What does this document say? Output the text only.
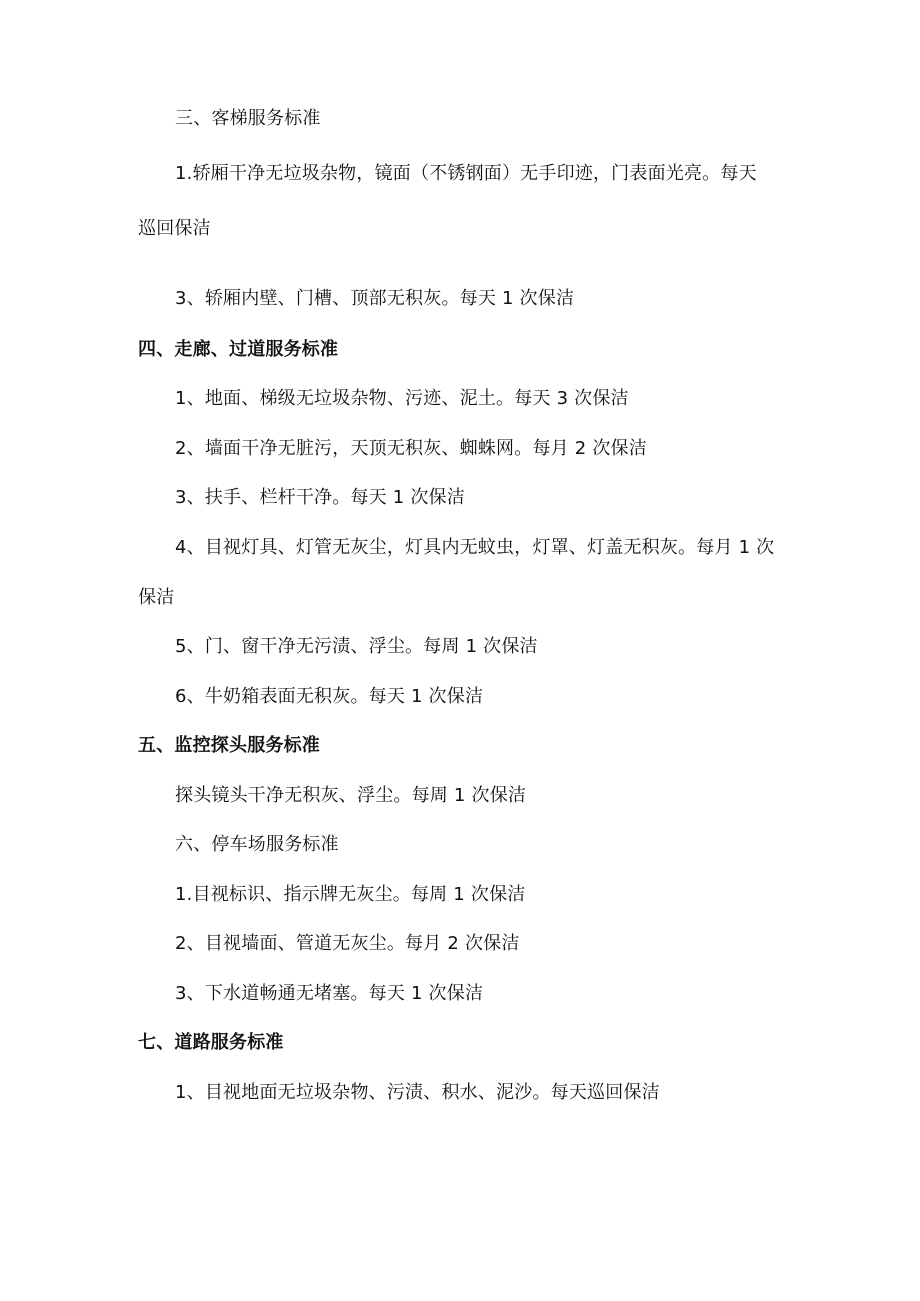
三、客梯服务标准
1.轿厢干净无垃圾杂物，镜面（不锈钢面）无手印迹，门表面光亮。每天
巡回保洁
3、轿厢内壁、门槽、顶部无积灰。每天 1 次保洁
四、走廊、过道服务标准
1、地面、梯级无垃圾杂物、污迹、泥土。每天 3 次保洁
2、墙面干净无脏污，天顶无积灰、蜘蛛网。每月 2 次保洁
3、扶手、栏杆干净。每天 1 次保洁
4、目视灯具、灯管无灰尘，灯具内无蚊虫，灯罩、灯盖无积灰。每月 1 次
保洁
5、门、窗干净无污渍、浮尘。每周 1 次保洁
6、牛奶箱表面无积灰。每天 1 次保洁
五、监控探头服务标准
探头镜头干净无积灰、浮尘。每周 1 次保洁
六、停车场服务标准
1.目视标识、指示牌无灰尘。每周 1 次保洁
2、目视墙面、管道无灰尘。每月 2 次保洁
3、下水道畅通无堵塞。每天 1 次保洁
七、道路服务标准
1、目视地面无垃圾杂物、污渍、积水、泥沙。每天巡回保洁
